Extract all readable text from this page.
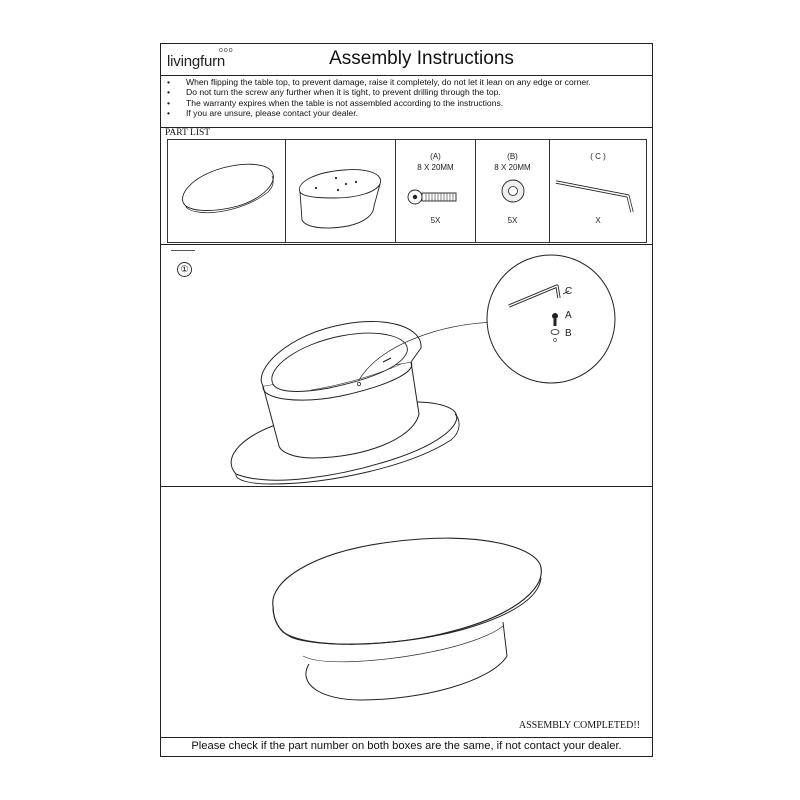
ooo
livingfurn	Assembly Instructions
• When flipping the table top, to prevent damage, raise it completely, do not let it lean on any edge or corner.
• Do not turn the screw any further when it is tight, to prevent drilling through the top.
• The warranty expires when the table is not assembled according to the instructions.
• If you are unsure, please contact your dealer.
PART LIST
(A)
8 X 20MM
5X
(B)
8 X 20MM
5X
( C )
X
①
C
A
B
ASSEMBLY COMPLETED!!
Please check if the part number on both boxes are the same, if not contact your dealer.
